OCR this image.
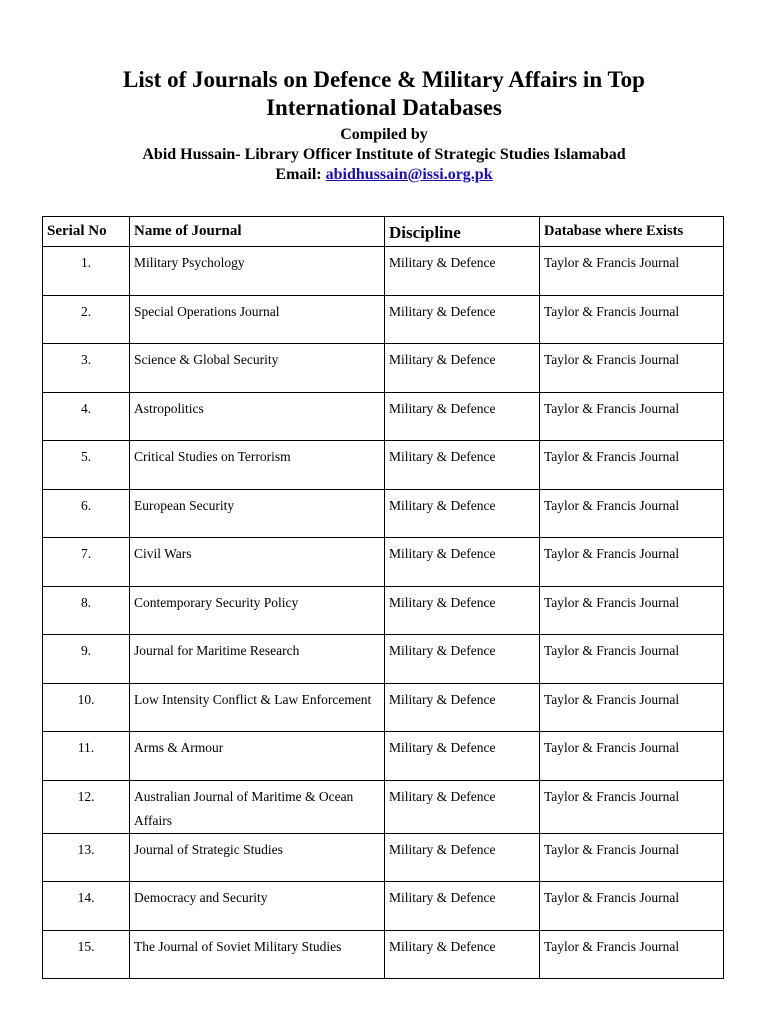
List of Journals on Defence & Military Affairs in Top
International Databases
Compiled by
Abid Hussain- Library Officer Institute of Strategic Studies Islamabad
Email: abidhussain@issi.org.pk
Serial No	Name of Journal	Discipline	Database where Exists

1.	Military Psychology	Military & Defence	Taylor & Francis Journal

2.	Special Operations Journal	Military & Defence	Taylor & Francis Journal

3.	Science & Global Security	Military & Defence	Taylor & Francis Journal

4.	Astropolitics	Military & Defence	Taylor & Francis Journal

5.	Critical Studies on Terrorism	Military & Defence	Taylor & Francis Journal

6.	European Security	Military & Defence	Taylor & Francis Journal

7.	Civil Wars	Military & Defence	Taylor & Francis Journal

8.	Contemporary Security Policy	Military & Defence	Taylor & Francis Journal

9.	Journal for Maritime Research	Military & Defence	Taylor & Francis Journal

10.	Low Intensity Conflict & Law Enforcement	Military & Defence	Taylor & Francis Journal

11.	Arms & Armour	Military & Defence	Taylor & Francis Journal

12.	Australian Journal of Maritime & Ocean Affairs	Military & Defence	Taylor & Francis Journal

13.	Journal of Strategic Studies	Military & Defence	Taylor & Francis Journal

14.	Democracy and Security	Military & Defence	Taylor & Francis Journal

15.	The Journal of Soviet Military Studies	Military & Defence	Taylor & Francis Journal
